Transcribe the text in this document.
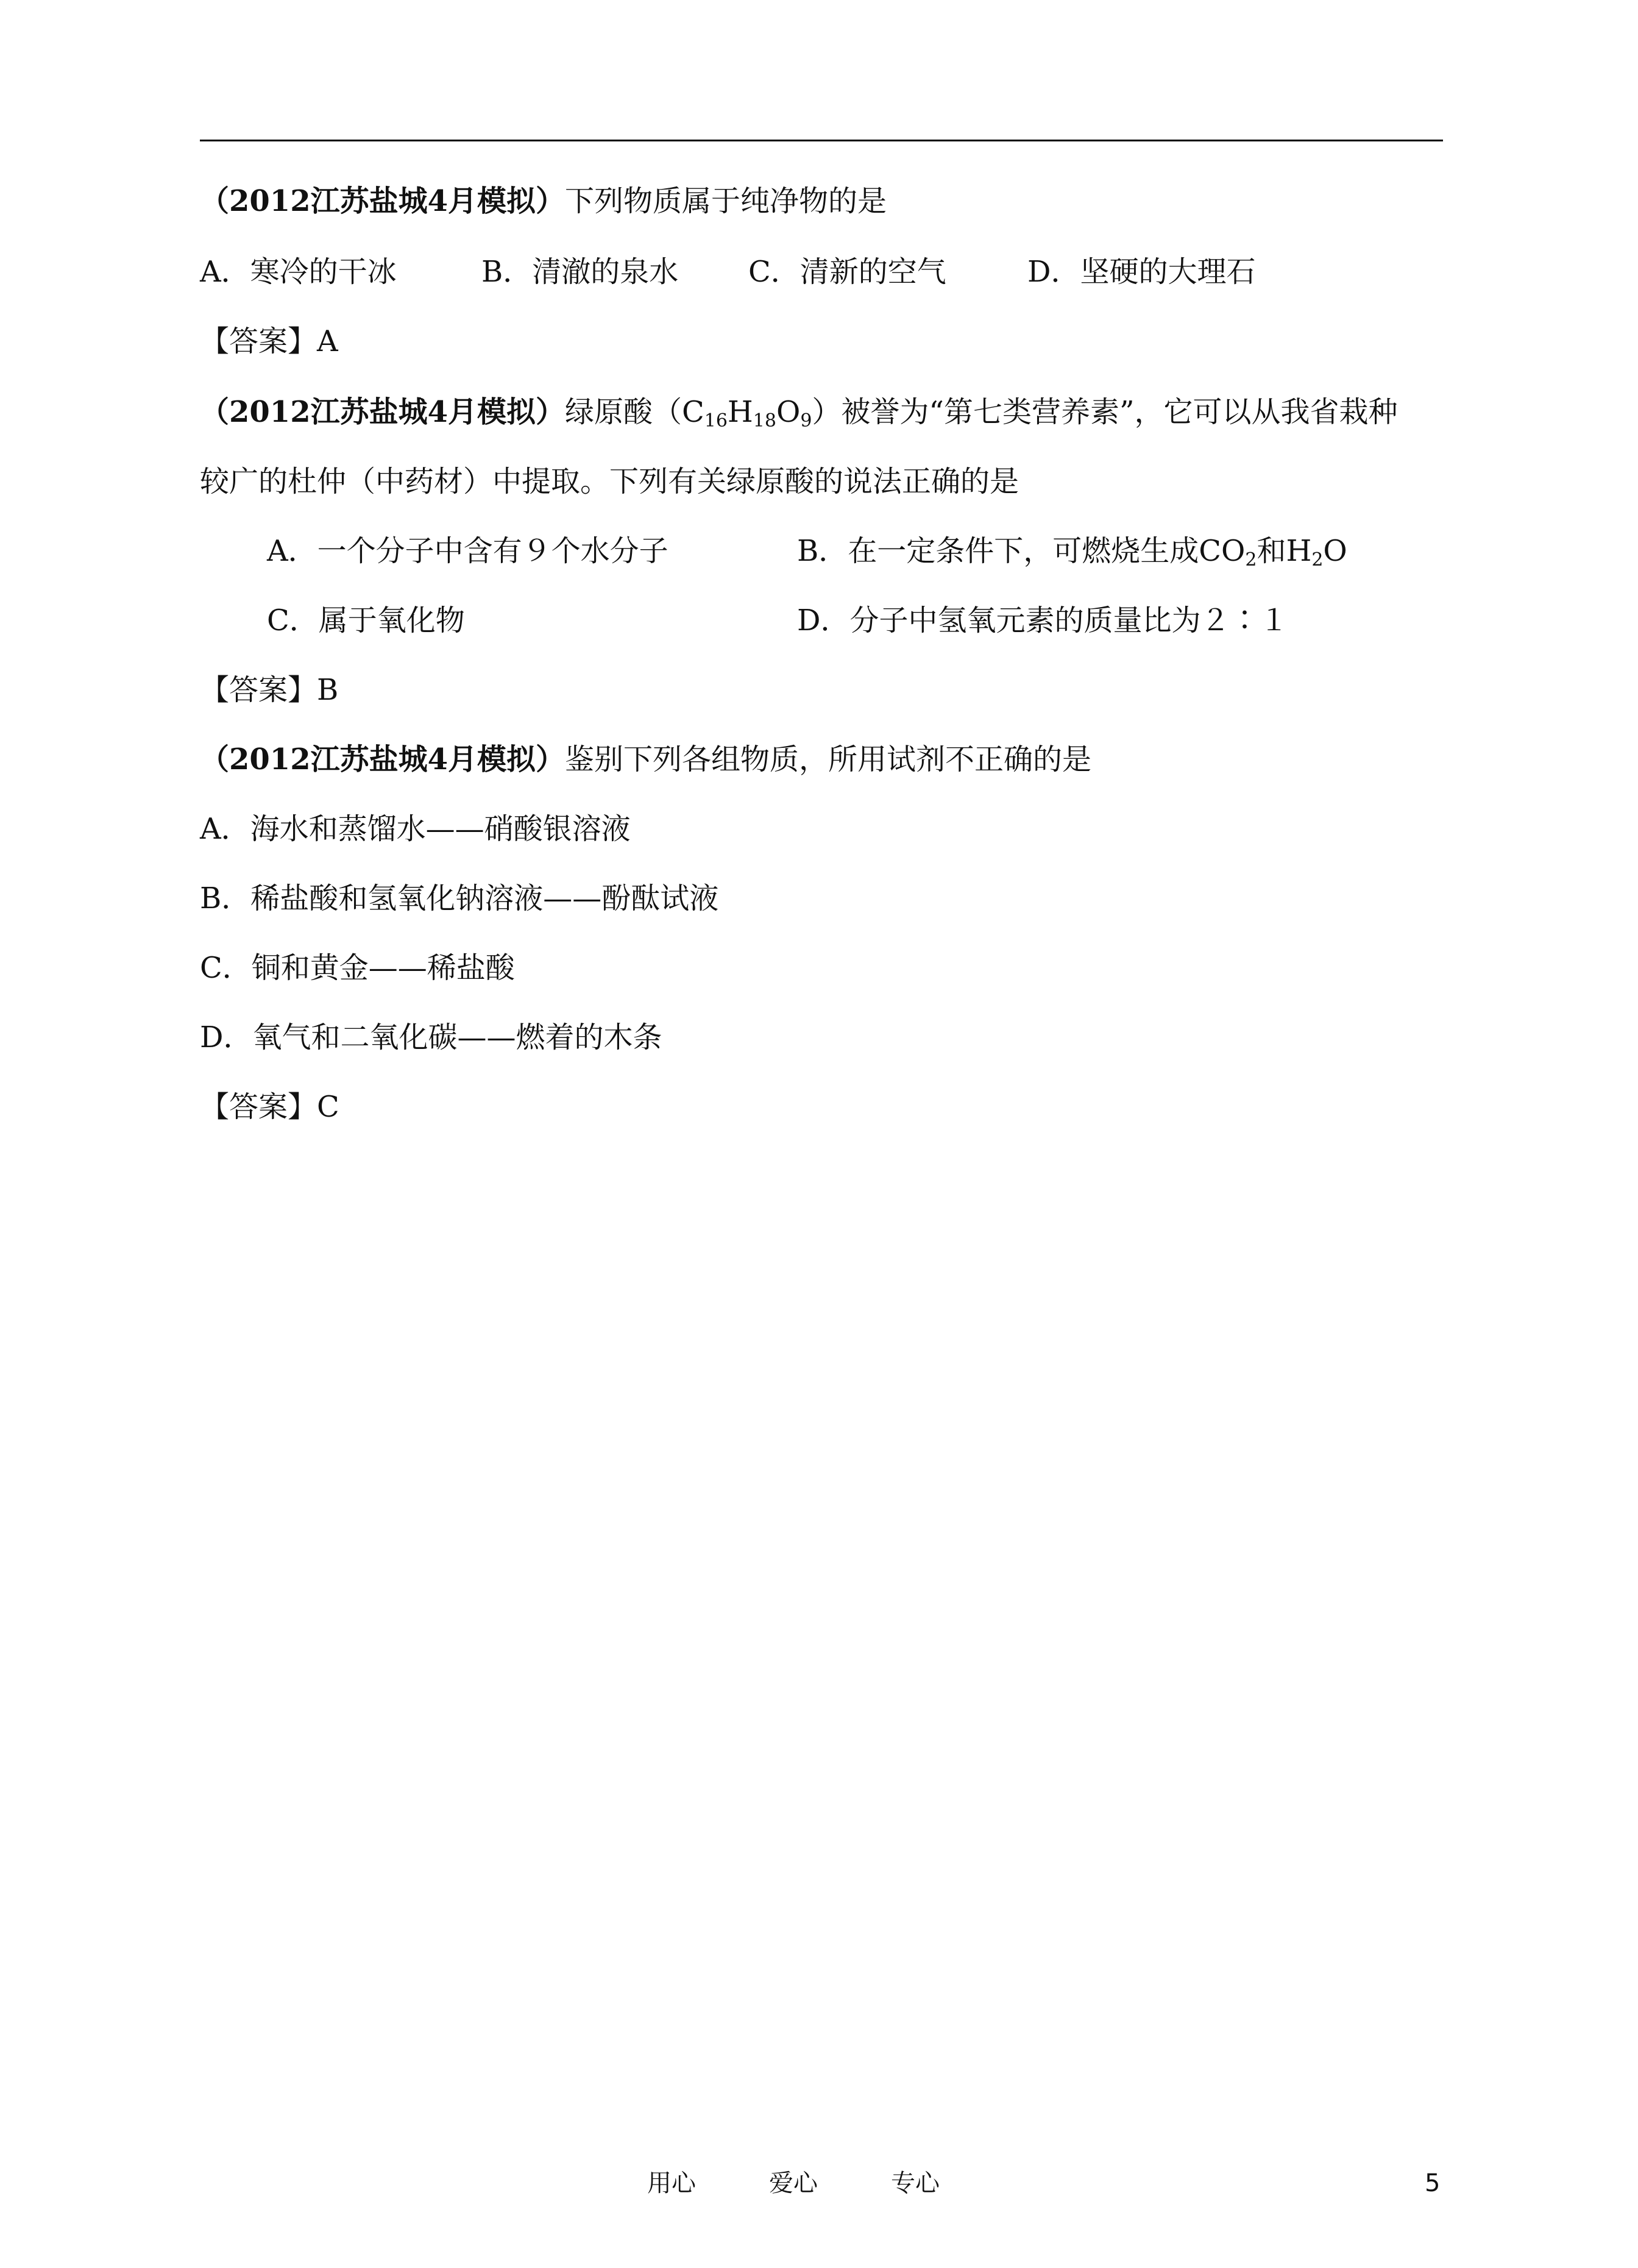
（2012江苏盐城4月模拟）下列物质属于纯净物的是
A．寒冷的干冰	B．清澈的泉水 C．清新的空气	D．坚硬的大理石
【答案】A
（2012江苏盐城4月模拟）绿原酸$(C_{16}H_{18}O_9)$被誉为“第七类营养素”，它可以从我省栽种
较广的杜仲（中药材）中提取。下列有关绿原酸的说法正确的是
A．一个分子中含有９个水分子	B．在一定条件下，可燃烧生成$CO_2$和$H_2O$
C．属于氧化物	D．分子中氢氧元素的质量比为２∶１
【答案】B
（2012江苏盐城4月模拟）鉴别下列各组物质，所用试剂不正确的是
A．海水和蒸馏水——硝酸银溶液
B．稀盐酸和氢氧化钠溶液——酚酞试液
C．铜和黄金——稀盐酸
D．氧气和二氧化碳——燃着的木条
【答案】C
用心	爱心	专心	5
